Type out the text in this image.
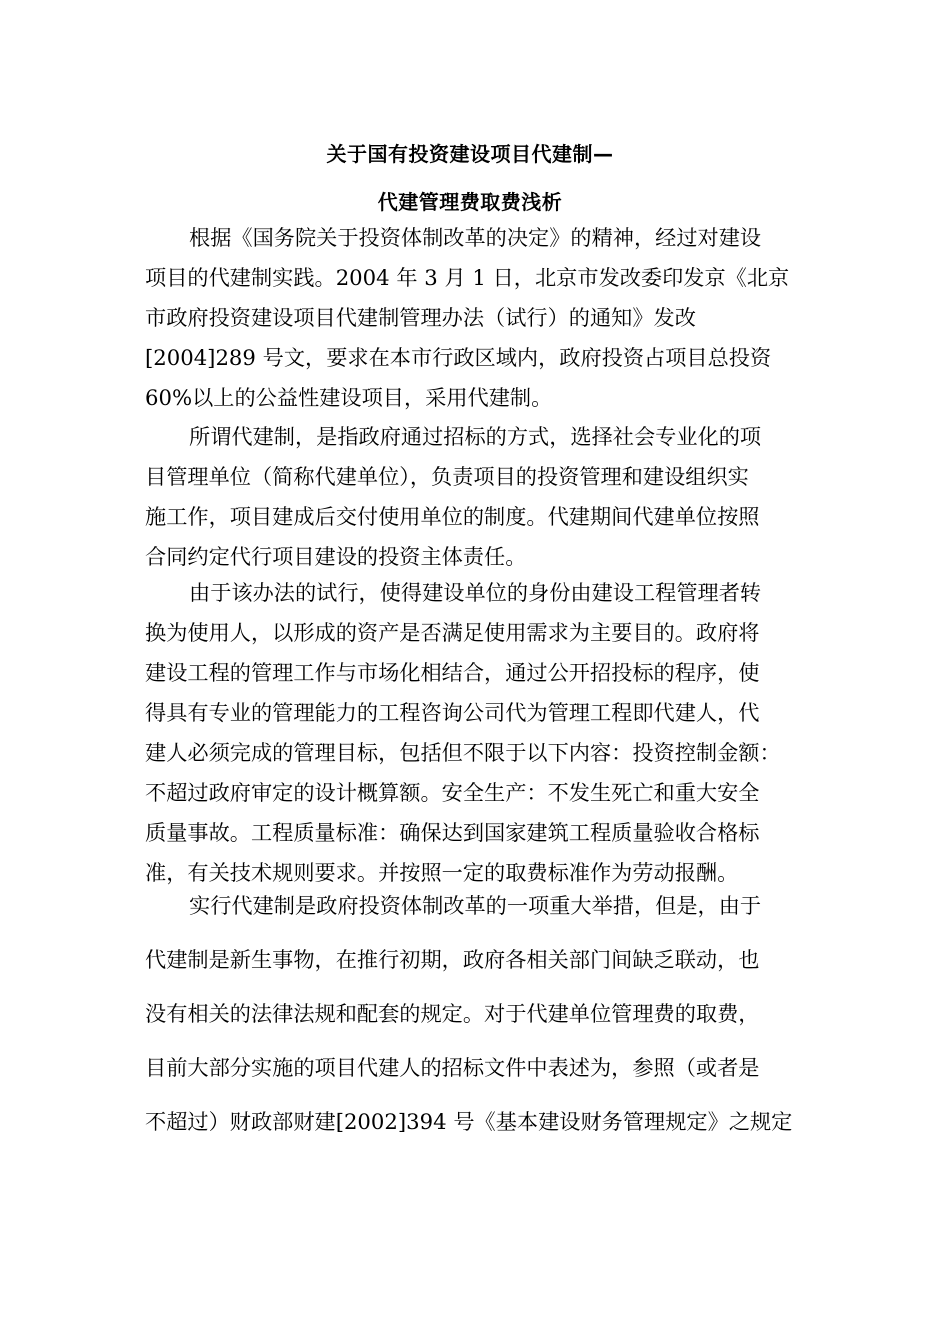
关于国有投资建设项目代建制—
代建管理费取费浅析
根据《国务院关于投资体制改革的决定》的精神，经过对建设
项目的代建制实践。2004 年 3 月 1 日，北京市发改委印发京《北京
市政府投资建设项目代建制管理办法（试行）的通知》发改
[2004]289 号文，要求在本市行政区域内，政府投资占项目总投资
60%以上的公益性建设项目，采用代建制。
所谓代建制，是指政府通过招标的方式，选择社会专业化的项
目管理单位（简称代建单位），负责项目的投资管理和建设组织实
施工作，项目建成后交付使用单位的制度。代建期间代建单位按照
合同约定代行项目建设的投资主体责任。
由于该办法的试行，使得建设单位的身份由建设工程管理者转
换为使用人，以形成的资产是否满足使用需求为主要目的。政府将
建设工程的管理工作与市场化相结合，通过公开招投标的程序，使
得具有专业的管理能力的工程咨询公司代为管理工程即代建人，代
建人必须完成的管理目标，包括但不限于以下内容：投资控制金额：
不超过政府审定的设计概算额。安全生产：不发生死亡和重大安全
质量事故。工程质量标准：确保达到国家建筑工程质量验收合格标
准，有关技术规则要求。并按照一定的取费标准作为劳动报酬。
实行代建制是政府投资体制改革的一项重大举措，但是，由于
代建制是新生事物，在推行初期，政府各相关部门间缺乏联动，也
没有相关的法律法规和配套的规定。对于代建单位管理费的取费，
目前大部分实施的项目代建人的招标文件中表述为，参照（或者是
不超过）财政部财建[2002]394 号《基本建设财务管理规定》之规定
